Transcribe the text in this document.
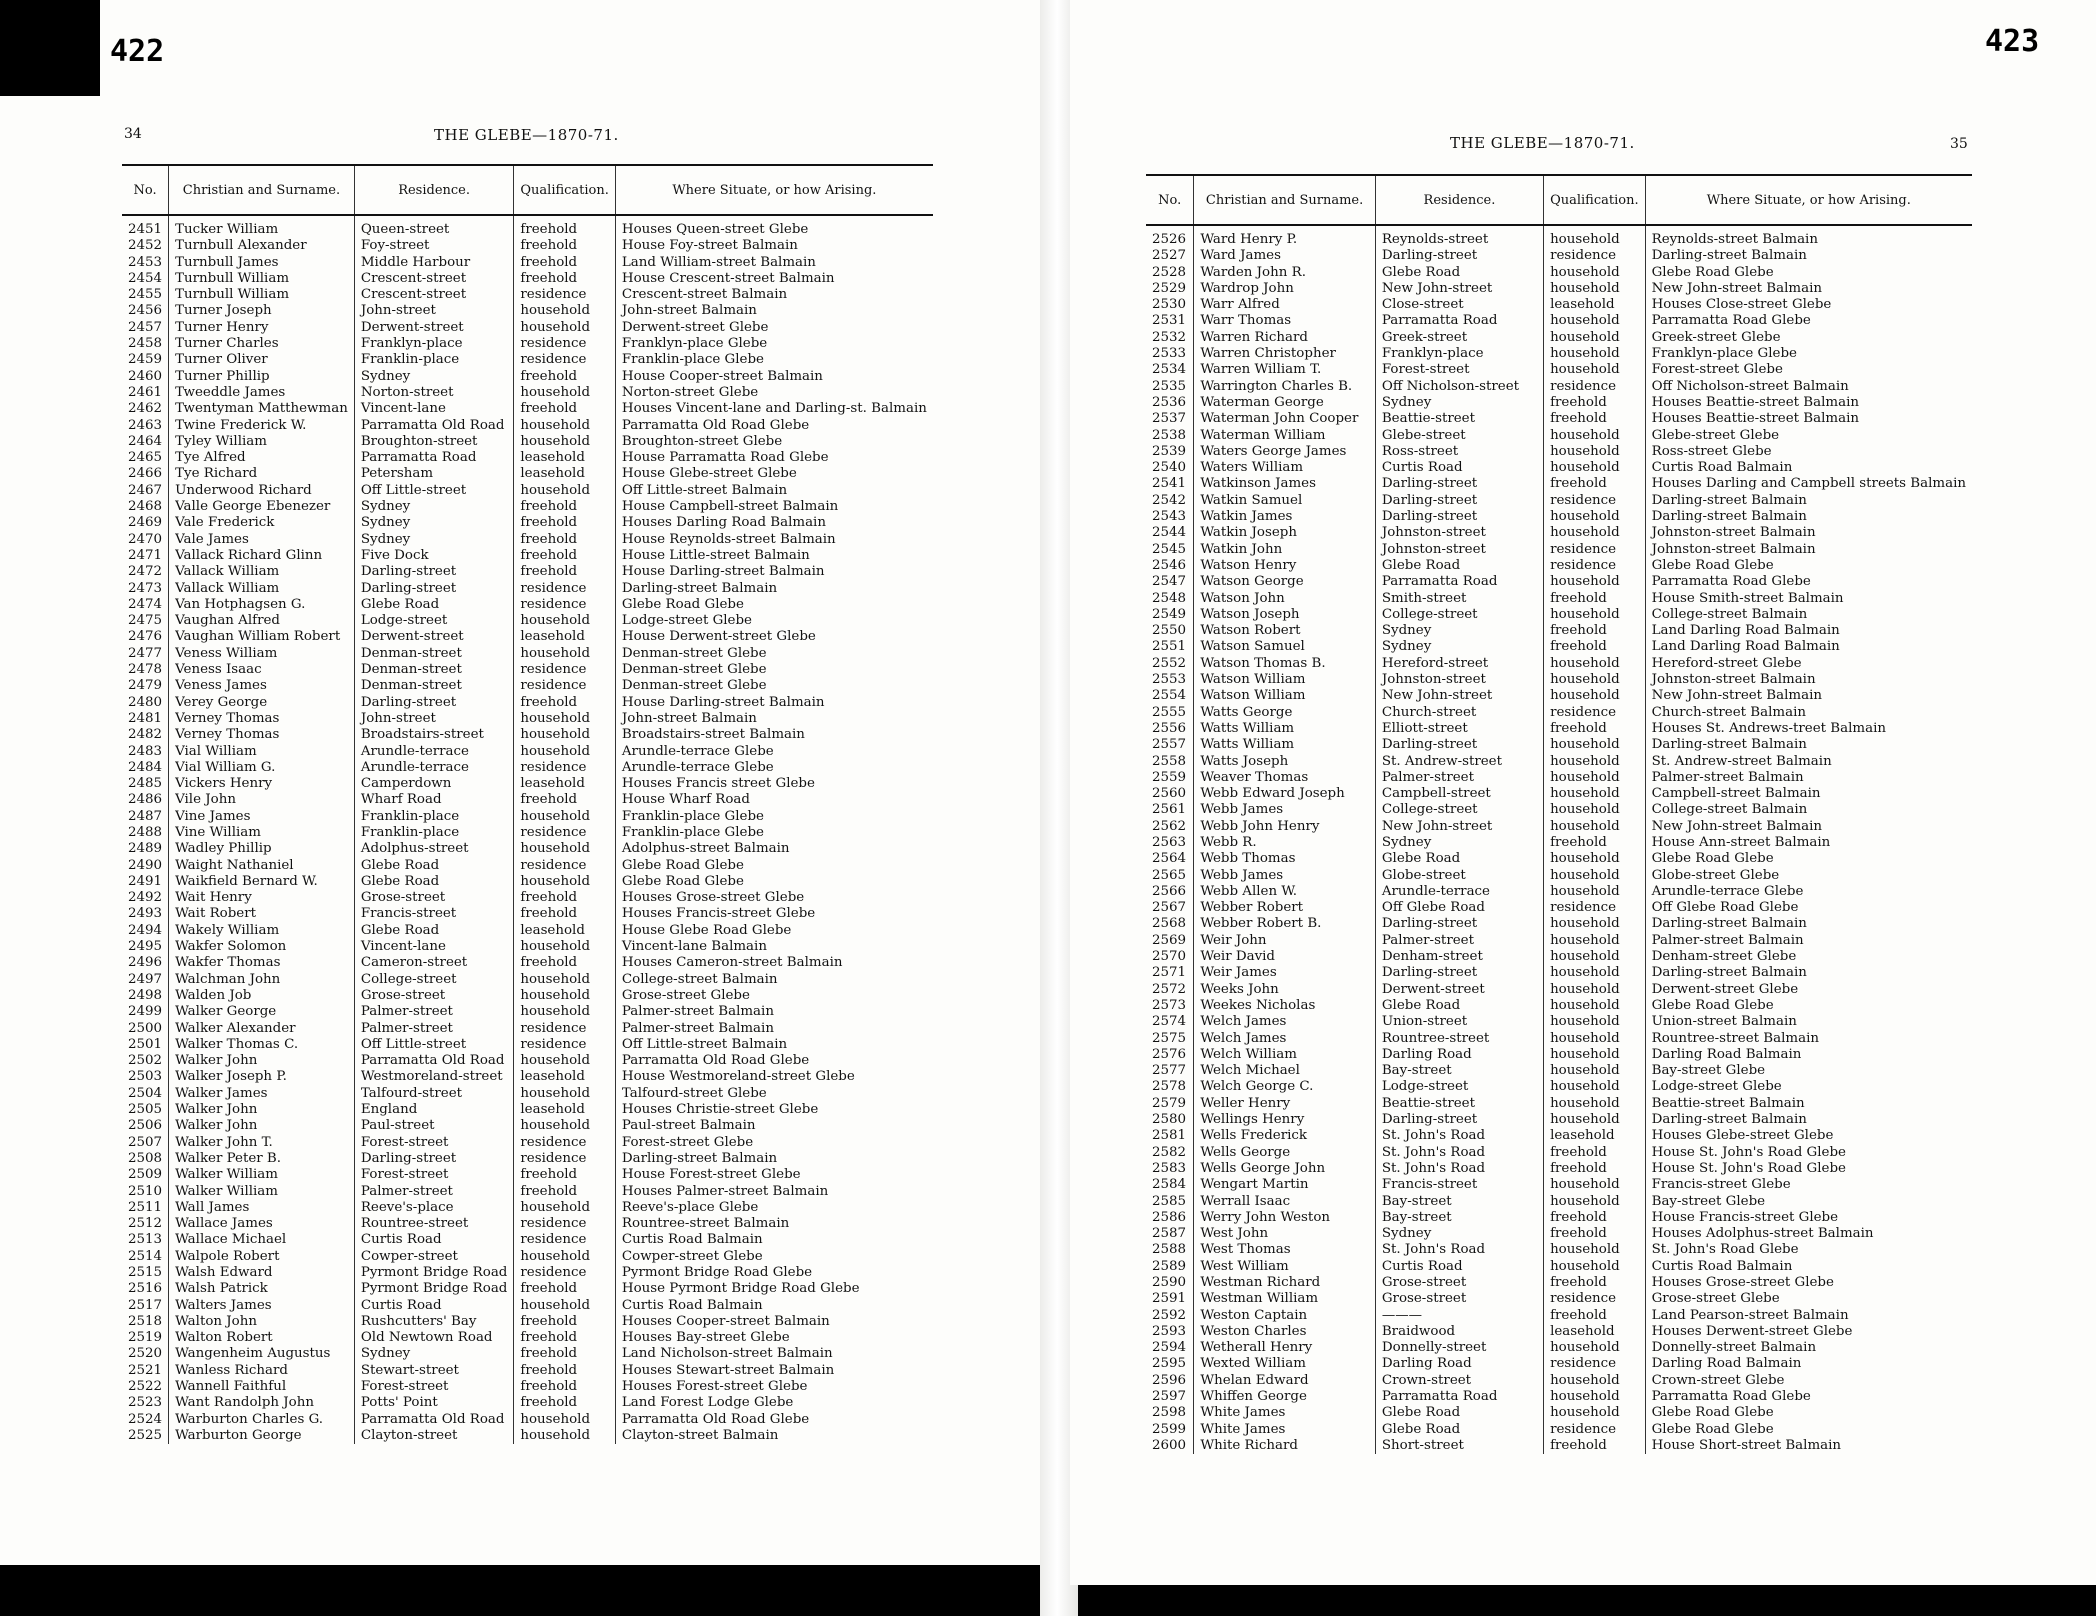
422
34	THE GLEBE—1870-71.	THE GLEBE—1870-71.	35
423
No.	Christian and Surname.	Residence.	Qualification.	Where Situate, or how Arising.
2451	Tucker William	Queen-street	freehold	Houses Queen-street Glebe
2452	Turnbull Alexander	Foy-street	freehold	House Foy-street Balmain
2453	Turnbull James	Middle Harbour	freehold	Land William-street Balmain
2454	Turnbull William	Crescent-street	freehold	House Crescent-street Balmain
2455	Turnbull William	Crescent-street	residence	Crescent-street Balmain
2456	Turner Joseph	John-street	household	John-street Balmain
2457	Turner Henry	Derwent-street	household	Derwent-street Glebe
2458	Turner Charles	Franklyn-place	residence	Franklyn-place Glebe
2459	Turner Oliver	Franklin-place	residence	Franklin-place Glebe
2460	Turner Phillip	Sydney	freehold	House Cooper-street Balmain
2461	Tweeddle James	Norton-street	household	Norton-street Glebe
2462	Twentyman Matthewman	Vincent-lane	freehold	Houses Vincent-lane and Darling-st. Balmain
2463	Twine Frederick W.	Parramatta Old Road	household	Parramatta Old Road Glebe
2464	Tyley William	Broughton-street	household	Broughton-street Glebe
2465	Tye Alfred	Parramatta Road	leasehold	House Parramatta Road Glebe
2466	Tye Richard	Petersham	leasehold	House Glebe-street Glebe
2467	Underwood Richard	Off Little-street	household	Off Little-street Balmain
2468	Valle George Ebenezer	Sydney	freehold	House Campbell-street Balmain
2469	Vale Frederick	Sydney	freehold	Houses Darling Road Balmain
2470	Vale James	Sydney	freehold	House Reynolds-street Balmain
2471	Vallack Richard Glinn	Five Dock	freehold	House Little-street Balmain
2472	Vallack William	Darling-street	freehold	House Darling-street Balmain
2473	Vallack William	Darling-street	residence	Darling-street Balmain
2474	Van Hotphagsen G.	Glebe Road	residence	Glebe Road Glebe
2475	Vaughan Alfred	Lodge-street	household	Lodge-street Glebe
2476	Vaughan William Robert	Derwent-street	leasehold	House Derwent-street Glebe
2477	Veness William	Denman-street	household	Denman-street Glebe
2478	Veness Isaac	Denman-street	residence	Denman-street Glebe
2479	Veness James	Denman-street	residence	Denman-street Glebe
2480	Verey George	Darling-street	freehold	House Darling-street Balmain
2481	Verney Thomas	John-street	household	John-street Balmain
2482	Verney Thomas	Broadstairs-street	household	Broadstairs-street Balmain
2483	Vial William	Arundle-terrace	household	Arundle-terrace Glebe
2484	Vial William G.	Arundle-terrace	residence	Arundle-terrace Glebe
2485	Vickers Henry	Camperdown	leasehold	Houses Francis street Glebe
2486	Vile John	Wharf Road	freehold	House Wharf Road
2487	Vine James	Franklin-place	household	Franklin-place Glebe
2488	Vine William	Franklin-place	residence	Franklin-place Glebe
2489	Wadley Phillip	Adolphus-street	household	Adolphus-street Balmain
2490	Waight Nathaniel	Glebe Road	residence	Glebe Road Glebe
2491	Waikfield Bernard W.	Glebe Road	household	Glebe Road Glebe
2492	Wait Henry	Grose-street	freehold	Houses Grose-street Glebe
2493	Wait Robert	Francis-street	freehold	Houses Francis-street Glebe
2494	Wakely William	Glebe Road	leasehold	House Glebe Road Glebe
2495	Wakfer Solomon	Vincent-lane	household	Vincent-lane Balmain
2496	Wakfer Thomas	Cameron-street	freehold	Houses Cameron-street Balmain
2497	Walchman John	College-street	household	College-street Balmain
2498	Walden Job	Grose-street	household	Grose-street Glebe
2499	Walker George	Palmer-street	household	Palmer-street Balmain
2500	Walker Alexander	Palmer-street	residence	Palmer-street Balmain
2501	Walker Thomas C.	Off Little-street	residence	Off Little-street Balmain
2502	Walker John	Parramatta Old Road	household	Parramatta Old Road Glebe
2503	Walker Joseph P.	Westmoreland-street	leasehold	House Westmoreland-street Glebe
2504	Walker James	Talfourd-street	household	Talfourd-street Glebe
2505	Walker John	England	leasehold	Houses Christie-street Glebe
2506	Walker John	Paul-street	household	Paul-street Balmain
2507	Walker John T.	Forest-street	residence	Forest-street Glebe
2508	Walker Peter B.	Darling-street	residence	Darling-street Balmain
2509	Walker William	Forest-street	freehold	House Forest-street Glebe
2510	Walker William	Palmer-street	freehold	Houses Palmer-street Balmain
2511	Wall James	Reeve's-place	household	Reeve's-place Glebe
2512	Wallace James	Rountree-street	residence	Rountree-street Balmain
2513	Wallace Michael	Curtis Road	residence	Curtis Road Balmain
2514	Walpole Robert	Cowper-street	household	Cowper-street Glebe
2515	Walsh Edward	Pyrmont Bridge Road	residence	Pyrmont Bridge Road Glebe
2516	Walsh Patrick	Pyrmont Bridge Road	freehold	House Pyrmont Bridge Road Glebe
2517	Walters James	Curtis Road	household	Curtis Road Balmain
2518	Walton John	Rushcutters' Bay	freehold	Houses Cooper-street Balmain
2519	Walton Robert	Old Newtown Road	freehold	Houses Bay-street Glebe
2520	Wangenheim Augustus	Sydney	freehold	Land Nicholson-street Balmain
2521	Wanless Richard	Stewart-street	freehold	Houses Stewart-street Balmain
2522	Wannell Faithful	Forest-street	freehold	Houses Forest-street Glebe
2523	Want Randolph John	Potts' Point	freehold	Land Forest Lodge Glebe
2524	Warburton Charles G.	Parramatta Old Road	household	Parramatta Old Road Glebe
2525	Warburton George	Clayton-street	household	Clayton-street Balmain
No.	Christian and Surname.	Residence.	Qualification.	Where Situate, or how Arising.
2526	Ward Henry P.	Reynolds-street	household	Reynolds-street Balmain
2527	Ward James	Darling-street	residence	Darling-street Balmain
2528	Warden John R.	Glebe Road	household	Glebe Road Glebe
2529	Wardrop John	New John-street	household	New John-street Balmain
2530	Warr Alfred	Close-street	leasehold	Houses Close-street Glebe
2531	Warr Thomas	Parramatta Road	household	Parramatta Road Glebe
2532	Warren Richard	Greek-street	household	Greek-street Glebe
2533	Warren Christopher	Franklyn-place	household	Franklyn-place Glebe
2534	Warren William T.	Forest-street	household	Forest-street Glebe
2535	Warrington Charles B.	Off Nicholson-street	residence	Off Nicholson-street Balmain
2536	Waterman George	Sydney	freehold	Houses Beattie-street Balmain
2537	Waterman John Cooper	Beattie-street	freehold	Houses Beattie-street Balmain
2538	Waterman William	Glebe-street	household	Glebe-street Glebe
2539	Waters George James	Ross-street	household	Ross-street Glebe
2540	Waters William	Curtis Road	household	Curtis Road Balmain
2541	Watkinson James	Darling-street	freehold	Houses Darling and Campbell streets Balmain
2542	Watkin Samuel	Darling-street	residence	Darling-street Balmain
2543	Watkin James	Darling-street	household	Darling-street Balmain
2544	Watkin Joseph	Johnston-street	household	Johnston-street Balmain
2545	Watkin John	Johnston-street	residence	Johnston-street Balmain
2546	Watson Henry	Glebe Road	residence	Glebe Road Glebe
2547	Watson George	Parramatta Road	household	Parramatta Road Glebe
2548	Watson John	Smith-street	freehold	House Smith-street Balmain
2549	Watson Joseph	College-street	household	College-street Balmain
2550	Watson Robert	Sydney	freehold	Land Darling Road Balmain
2551	Watson Samuel	Sydney	freehold	Land Darling Road Balmain
2552	Watson Thomas B.	Hereford-street	household	Hereford-street Glebe
2553	Watson William	Johnston-street	household	Johnston-street Balmain
2554	Watson William	New John-street	household	New John-street Balmain
2555	Watts George	Church-street	residence	Church-street Balmain
2556	Watts William	Elliott-street	freehold	Houses St. Andrews-treet Balmain
2557	Watts William	Darling-street	household	Darling-street Balmain
2558	Watts Joseph	St. Andrew-street	household	St. Andrew-street Balmain
2559	Weaver Thomas	Palmer-street	household	Palmer-street Balmain
2560	Webb Edward Joseph	Campbell-street	household	Campbell-street Balmain
2561	Webb James	College-street	household	College-street Balmain
2562	Webb John Henry	New John-street	household	New John-street Balmain
2563	Webb R.	Sydney	freehold	House Ann-street Balmain
2564	Webb Thomas	Glebe Road	household	Glebe Road Glebe
2565	Webb James	Globe-street	household	Globe-street Glebe
2566	Webb Allen W.	Arundle-terrace	household	Arundle-terrace Glebe
2567	Webber Robert	Off Glebe Road	residence	Off Glebe Road Glebe
2568	Webber Robert B.	Darling-street	household	Darling-street Balmain
2569	Weir John	Palmer-street	household	Palmer-street Balmain
2570	Weir David	Denham-street	household	Denham-street Glebe
2571	Weir James	Darling-street	household	Darling-street Balmain
2572	Weeks John	Derwent-street	household	Derwent-street Glebe
2573	Weekes Nicholas	Glebe Road	household	Glebe Road Glebe
2574	Welch James	Union-street	household	Union-street Balmain
2575	Welch James	Rountree-street	household	Rountree-street Balmain
2576	Welch William	Darling Road	household	Darling Road Balmain
2577	Welch Michael	Bay-street	household	Bay-street Glebe
2578	Welch George C.	Lodge-street	household	Lodge-street Glebe
2579	Weller Henry	Beattie-street	household	Beattie-street Balmain
2580	Wellings Henry	Darling-street	household	Darling-street Balmain
2581	Wells Frederick	St. John's Road	leasehold	Houses Glebe-street Glebe
2582	Wells George	St. John's Road	freehold	House St. John's Road Glebe
2583	Wells George John	St. John's Road	freehold	House St. John's Road Glebe
2584	Wengart Martin	Francis-street	household	Francis-street Glebe
2585	Werrall Isaac	Bay-street	household	Bay-street Glebe
2586	Werry John Weston	Bay-street	freehold	House Francis-street Glebe
2587	West John	Sydney	freehold	Houses Adolphus-street Balmain
2588	West Thomas	St. John's Road	household	St. John's Road Glebe
2589	West William	Curtis Road	household	Curtis Road Balmain
2590	Westman Richard	Grose-street	freehold	Houses Grose-street Glebe
2591	Westman William	Grose-street	residence	Grose-street Glebe
2592	Weston Captain	———	freehold	Land Pearson-street Balmain
2593	Weston Charles	Braidwood	leasehold	Houses Derwent-street Glebe
2594	Wetherall Henry	Donnelly-street	household	Donnelly-street Balmain
2595	Wexted William	Darling Road	residence	Darling Road Balmain
2596	Whelan Edward	Crown-street	household	Crown-street Glebe
2597	Whiffen George	Parramatta Road	household	Parramatta Road Glebe
2598	White James	Glebe Road	household	Glebe Road Glebe
2599	White James	Glebe Road	residence	Glebe Road Glebe
2600	White Richard	Short-street	freehold	House Short-street Balmain
